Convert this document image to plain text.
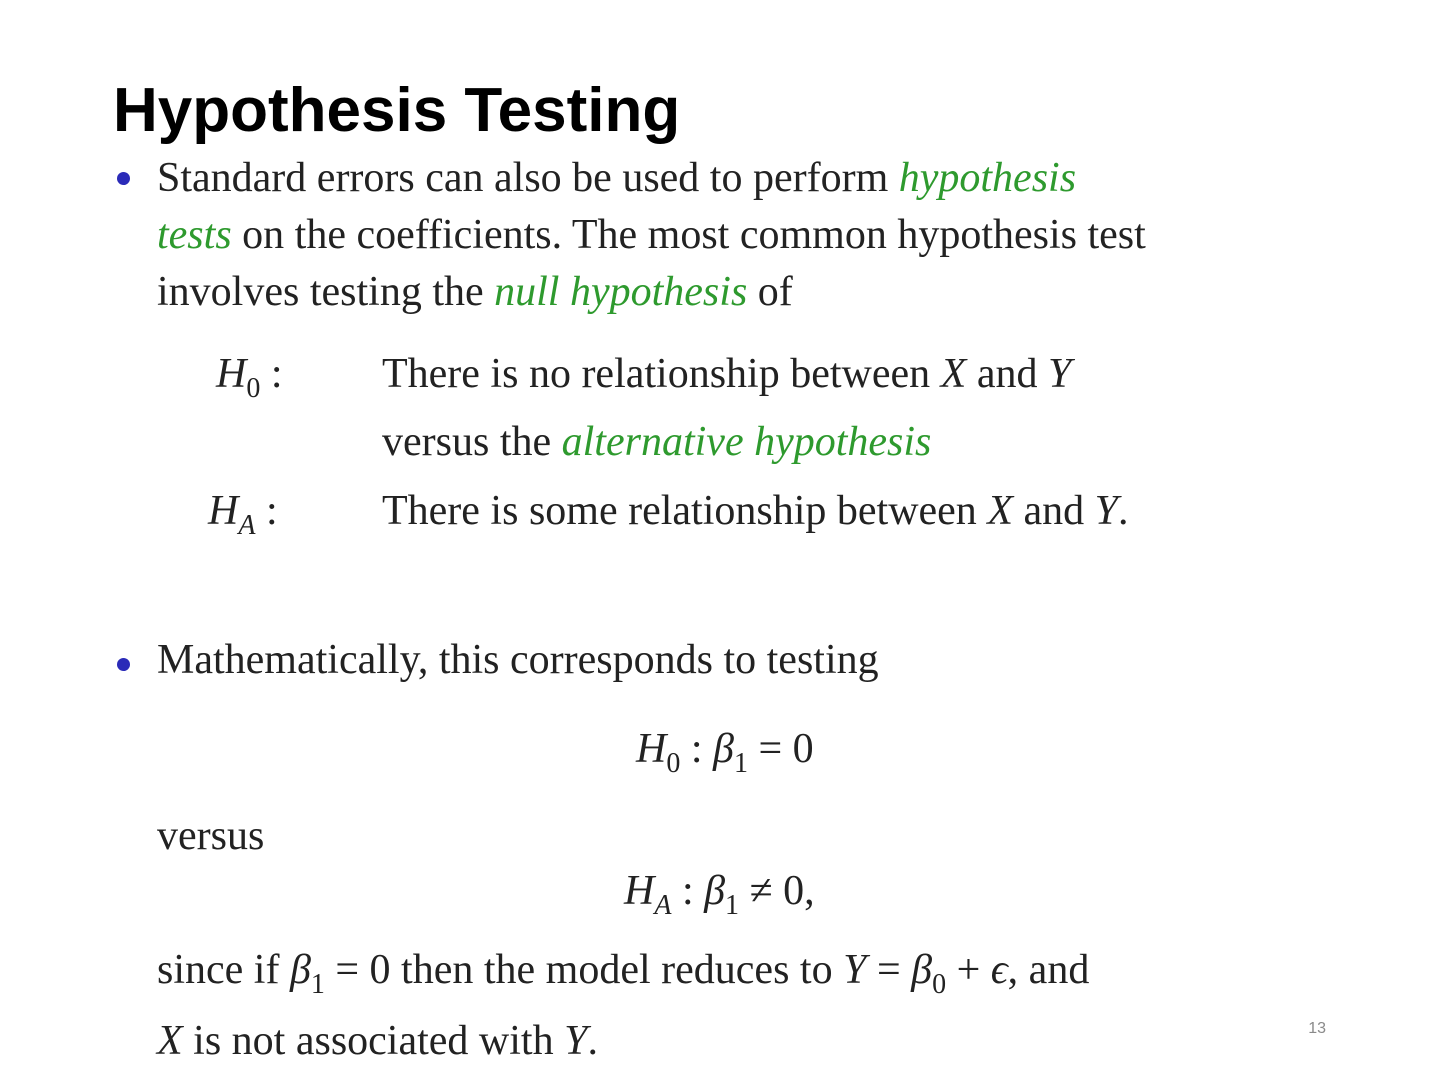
Hypothesis Testing
Standard errors can also be used to perform hypothesis
tests on the coefficients. The most common hypothesis test
involves testing the null hypothesis of
$H_0$ : There is no relationship between X and Y
versus the alternative hypothesis
$H_A$ : There is some relationship between X and Y.
Mathematically, this corresponds to testing
$H_0$ : $\beta_1 = 0$
versus
$H_A$ : $\beta_1 \ne 0$,
since if $\beta_1 = 0$ then the model reduces to $Y = \beta_0 + \epsilon$, and
X is not associated with Y.	13
